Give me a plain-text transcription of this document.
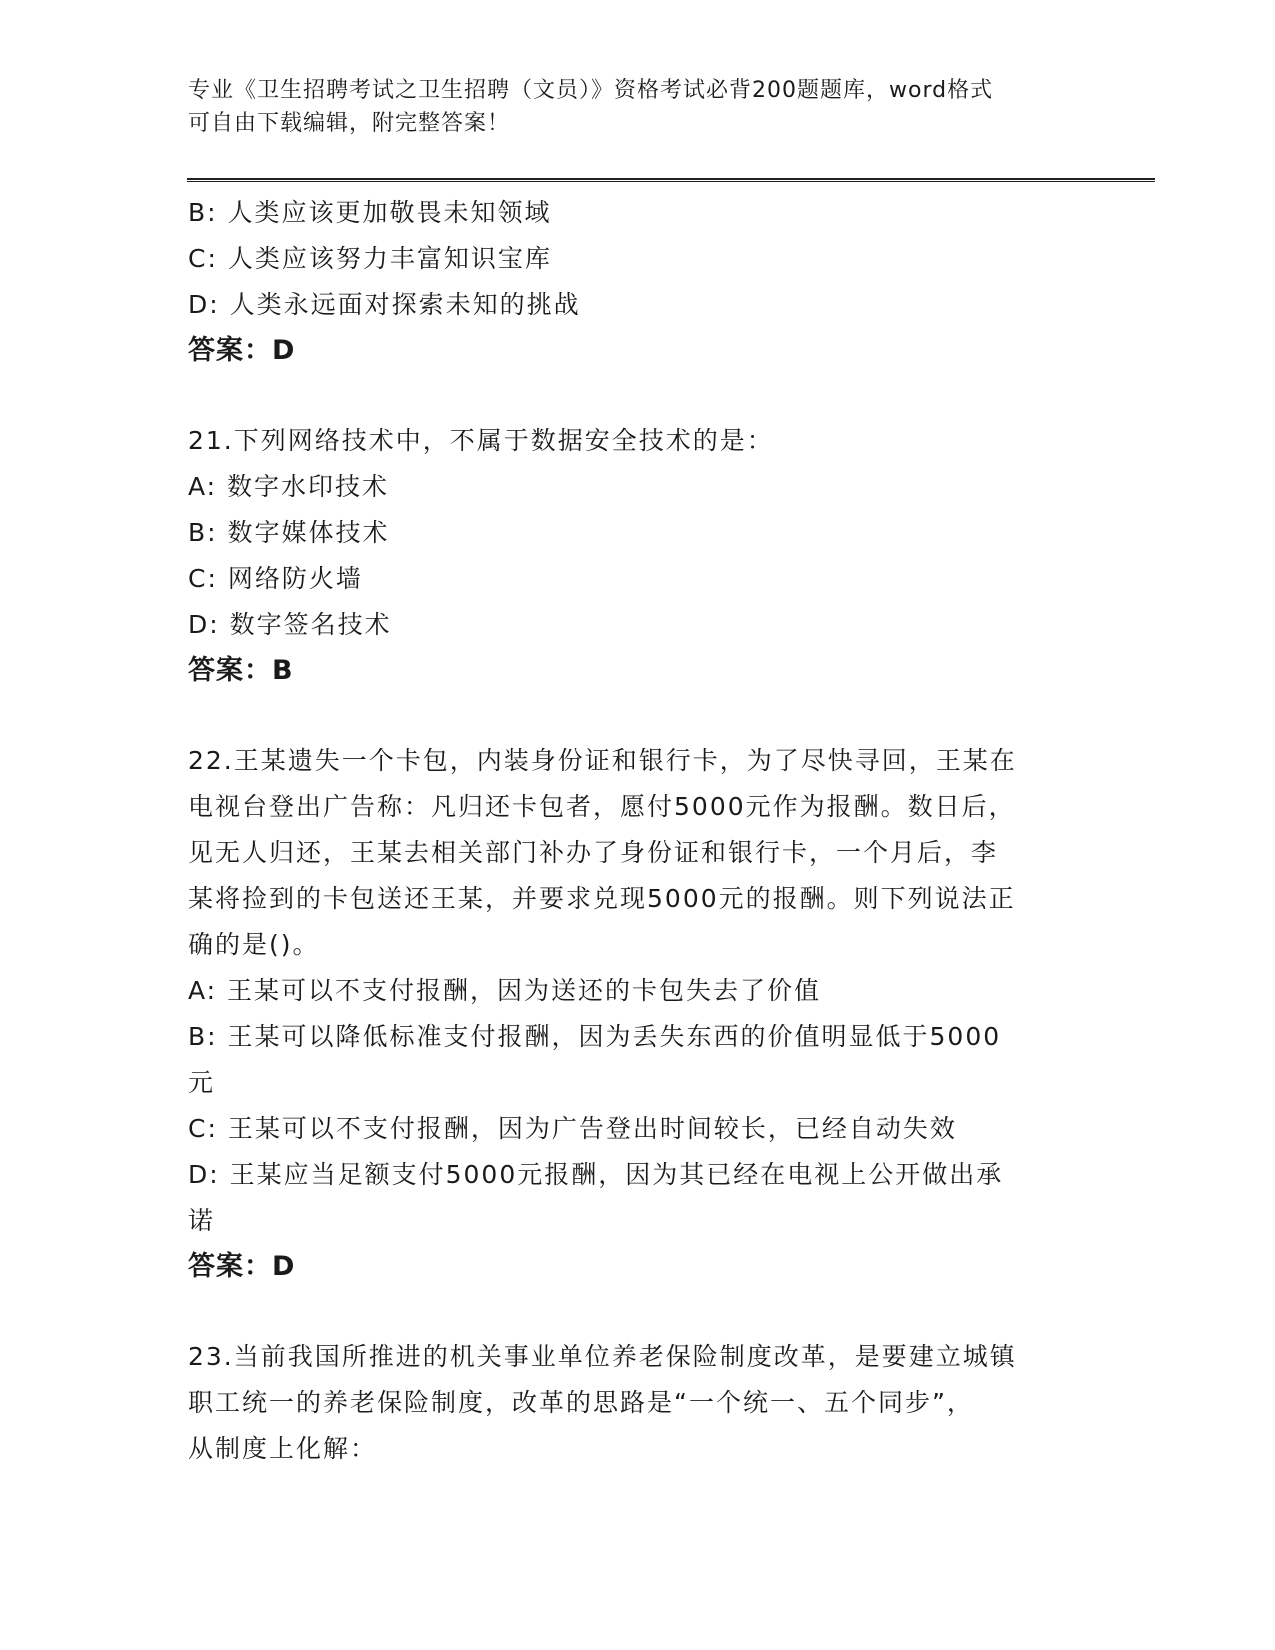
专业《卫生招聘考试之卫生招聘（文员）》资格考试必背200题题库，word格式
可自由下载编辑，附完整答案！
B: 人类应该更加敬畏未知领域
C: 人类应该努力丰富知识宝库
D: 人类永远面对探索未知的挑战
答案：D
21.下列网络技术中，不属于数据安全技术的是：
A: 数字水印技术
B: 数字媒体技术
C: 网络防火墙
D: 数字签名技术
答案：B
22.王某遗失一个卡包，内装身份证和银行卡，为了尽快寻回，王某在
电视台登出广告称：凡归还卡包者，愿付5000元作为报酬。数日后，
见无人归还，王某去相关部门补办了身份证和银行卡，一个月后，李
某将捡到的卡包送还王某，并要求兑现5000元的报酬。则下列说法正
确的是()。
A: 王某可以不支付报酬，因为送还的卡包失去了价值
B: 王某可以降低标准支付报酬，因为丢失东西的价值明显低于5000
元
C: 王某可以不支付报酬，因为广告登出时间较长，已经自动失效
D: 王某应当足额支付5000元报酬，因为其已经在电视上公开做出承
诺
答案：D
23.当前我国所推进的机关事业单位养老保险制度改革，是要建立城镇
职工统一的养老保险制度，改革的思路是“一个统一、五个同步”，
从制度上化解：
